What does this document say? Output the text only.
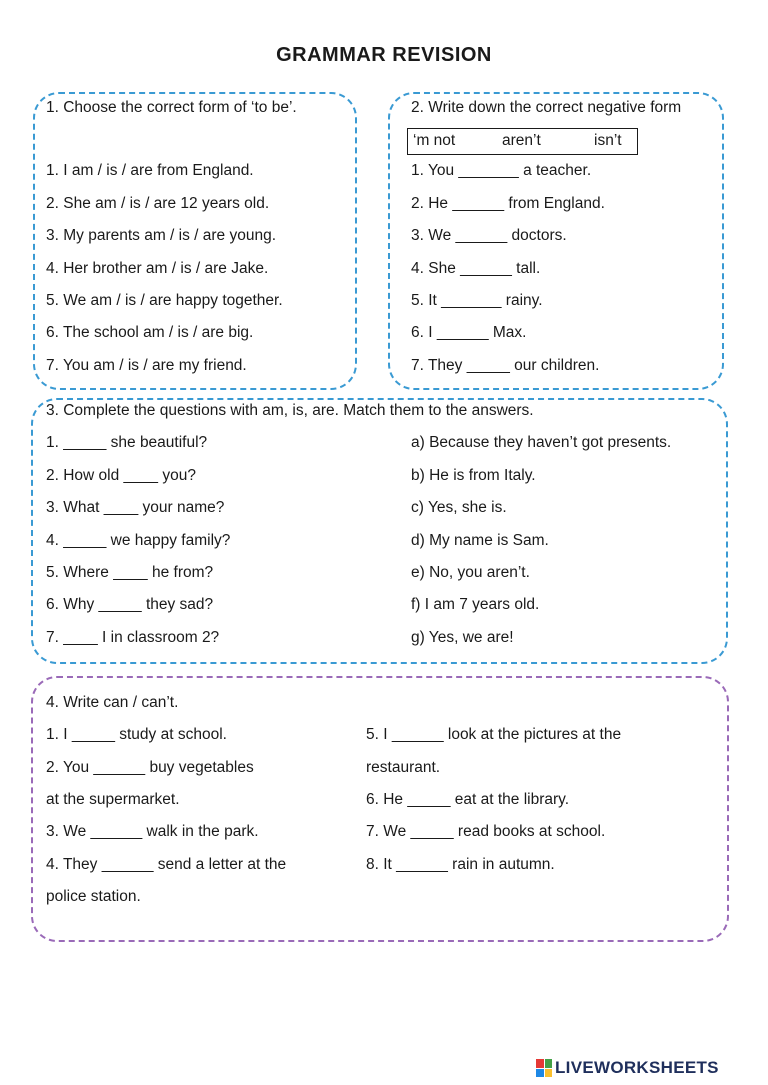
GRAMMAR REVISION
1. Choose the correct form of ‘to be’.
1. I am / is / are from England.
2. She am / is / are 12 years old.
3. My parents am / is / are young.
4. Her brother am / is / are Jake.
5. We am / is / are happy together.
6. The school am / is / are big.
7. You am / is / are my friend.
2. Write down the correct negative form
‘m not	aren’t	isn’t
1. You _______ a teacher.
2. He ______ from England.
3. We ______ doctors.
4. She ______ tall.
5. It _______ rainy.
6. I ______ Max.
7. They _____ our children.
3. Complete the questions with am, is, are. Match them to the answers.
1. _____ she beautiful?
2. How old ____ you?
3. What ____ your name?
4. _____ we happy family?
5. Where ____ he from?
6. Why _____ they sad?
7. ____ I in classroom 2?
a) Because they haven’t got presents.
b) He is from Italy.
c) Yes, she is.
d) My name is Sam.
e) No, you aren’t.
f) I am 7 years old.
g) Yes, we are!
4. Write can / can’t.
1. I _____ study at school.
2. You ______ buy vegetables
at the supermarket.
3. We ______ walk in the park.
4. They ______ send a letter at the
police station.
5. I ______ look at the pictures at the
restaurant.
6. He _____ eat at the library.
7. We _____ read books at school.
8. It ______ rain in autumn.
LIVEWORKSHEETS
